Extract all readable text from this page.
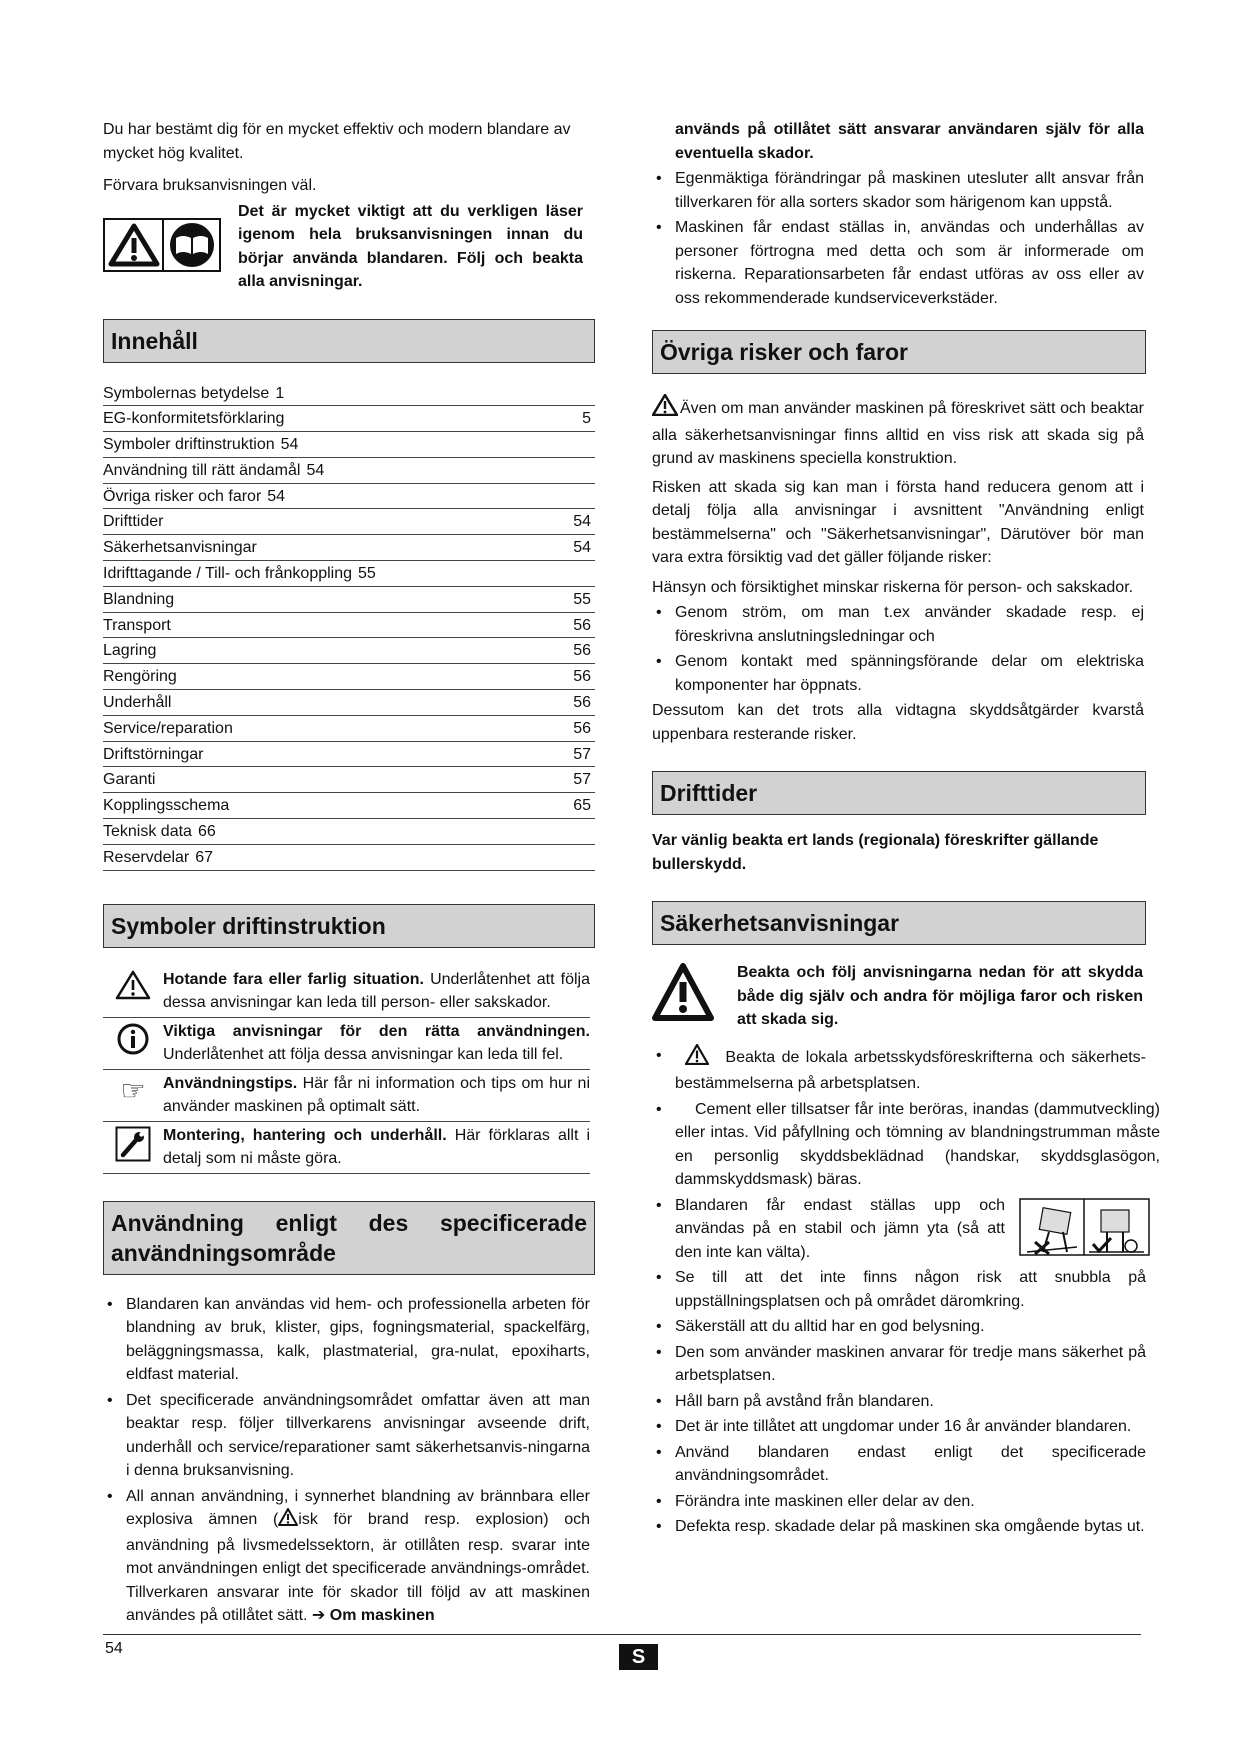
Du har bestämt dig för en mycket effektiv och modern blandare av mycket hög kvalitet.

Förvara bruksanvisningen väl.

Det är mycket viktigt att du verkligen läser igenom hela bruksanvisningen innan du börjar använda blandaren. Följ och beakta alla anvisningar.

Innehåll
Symbolernas betydelse 1
EG-konformitetsförklaring	5
Symboler driftinstruktion 54
Användning till rätt ändamål 54
Övriga risker och faror 54
Drifttider	54
Säkerhetsanvisningar	54
Idrifttagande / Till- och frånkoppling 55
Blandning	55
Transport	56
Lagring	56
Rengöring	56
Underhåll	56
Service/reparation	56
Driftstörningar	57
Garanti	57
Kopplingsschema	65
Teknisk data 66
Reservdelar 67
Symboler driftinstruktion
Hotande fara eller farlig situation. Underlåtenhet att följa dessa anvisningar kan leda till person- eller sakskador.
Viktiga anvisningar för den rätta användningen. Underlåtenhet att följa dessa anvisningar kan leda till fel.
☞ Användningstips. Här får ni information och tips om hur ni använder maskinen på optimalt sätt.
Montering, hantering och underhåll. Här förklaras allt i detalj som ni måste göra.
Användning enligt des specificerade användningsområde
• Blandaren kan användas vid hem- och professionella arbeten för blandning av bruk, klister, gips, fogningsmaterial, spackelfärg, beläggningsmassa, kalk, plastmaterial, gra-nulat, epoxiharts, eldfast material.
• Det specificerade användningsområdet omfattar även att man beaktar resp. följer tillverkarens anvisningar avseende drift, underhåll och service/reparationer samt säkerhetsanvis-ningarna i denna bruksanvisning.
• All annan användning, i synnerhet blandning av brännbara eller explosiva ämnen ( isk för brand resp. explosion) och användning på livsmedelssektorn, är otillåten resp. svarar inte mot användningen enligt det specificerade användnings-området. Tillverkaren ansvarar inte för skador till följd av att maskinen användes på otillåtet sätt. ➔ Om maskinen

används på otillåtet sätt ansvarar användaren själv för alla eventuella skador.

• Egenmäktiga förändringar på maskinen utesluter allt ansvar från tillverkaren för alla sorters skador som härigenom kan uppstå.
• Maskinen får endast ställas in, användas och underhållas av personer förtrogna med detta och som är informerade om riskerna. Reparationsarbeten får endast utföras av oss eller av oss rekommenderade kundserviceverkstäder.
Övriga risker och faror

Även om man använder maskinen på föreskrivet sätt och beaktar alla säkerhetsanvisningar finns alltid en viss risk att skada sig på grund av maskinens speciella konstruktion.

Risken att skada sig kan man i första hand reducera genom att i detalj följa alla anvisningar i avsnittent "Användning enligt bestämmelserna" och "Säkerhetsanvisningar", Därutöver bör man vara extra försiktig vad det gäller följande risker:

Hänsyn och försiktighet minskar riskerna för person- och sakskador.

• Genom ström, om man t.ex använder skadade resp. ej föreskrivna anslutningsledningar och
• Genom kontakt med spänningsförande delar om elektriska komponenter har öppnats.

Dessutom kan det trots alla vidtagna skyddsåtgärder kvarstå uppenbara resterande risker.

Drifttider

Var vänlig beakta ert lands (regionala) föreskrifter gällande bullerskydd.

Säkerhetsanvisningar

Beakta och följ anvisningarna nedan för att skydda både dig själv och andra för möjliga faror och risken att skada sig.

• Beakta de lokala arbetsskydsföreskrifterna och säkerhets-bestämmelserna på arbetsplatsen.
• Cement eller tillsatser får inte beröras, inandas (dammutveckling) eller intas. Vid påfyllning och tömning av blandningstrumman måste en personlig skyddsbeklädnad (handskar, skyddsglasögon, dammskyddsmask) bäras.
• Blandaren får endast ställas upp och användas på en stabil och jämn yta (så att den inte kan välta).
• Se till att det inte finns någon risk att snubbla på uppställningsplatsen och på området däromkring.
• Säkerställ att du alltid har en god belysning.
• Den som använder maskinen anvarar för tredje mans säkerhet på arbetsplatsen.
• Håll barn på avstånd från blandaren.
• Det är inte tillåtet att ungdomar under 16 år använder blandaren.
• Använd blandaren endast enligt det specificerade användningsområdet.
• Förändra inte maskinen eller delar av den.
• Defekta resp. skadade delar på maskinen ska omgående bytas ut.
54	S
